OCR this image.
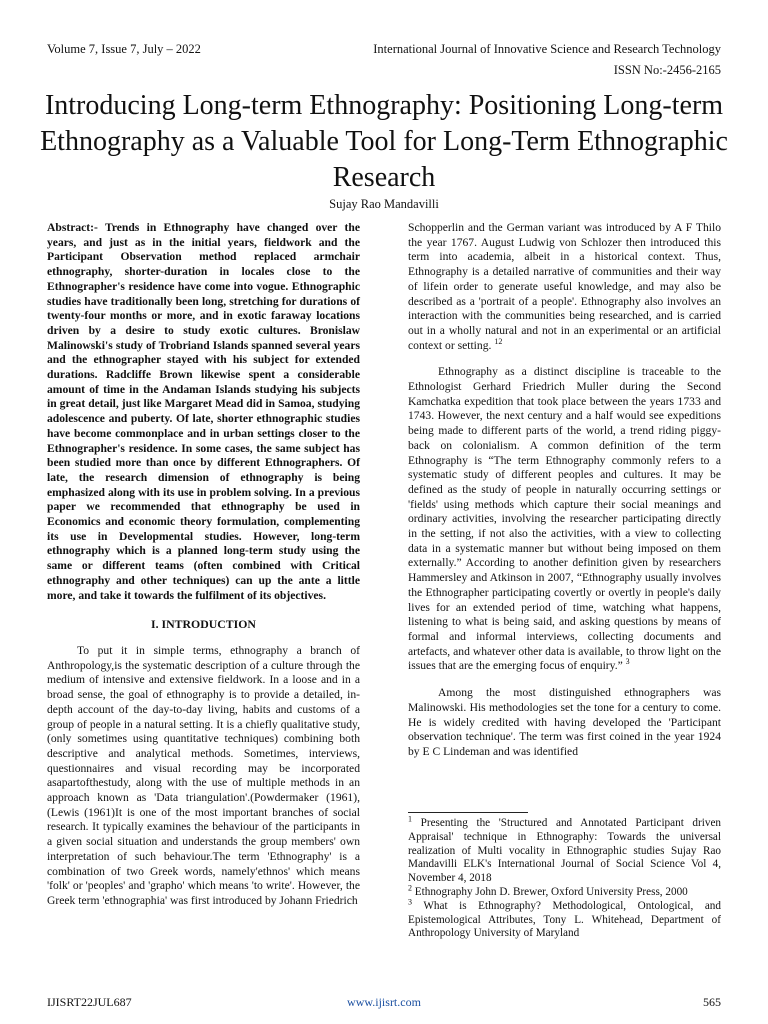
Volume 7, Issue 7, July – 2022	International Journal of Innovative Science and Research Technology
ISSN No:-2456-2165
Introducing Long-term Ethnography: Positioning Long-term Ethnography as a Valuable Tool for Long-Term Ethnographic Research
Sujay Rao Mandavilli

Abstract:- Trends in Ethnography have changed over the years, and just as in the initial years, fieldwork and the Participant Observation method replaced armchair ethnography, shorter-duration in locales close to the Ethnographer's residence have come into vogue. Ethnographic studies have traditionally been long, stretching for durations of twenty-four months or more, and in exotic faraway locations driven by a desire to study exotic cultures. Bronislaw Malinowski's study of Trobriand Islands spanned several years and the ethnographer stayed with his subject for extended durations. Radcliffe Brown likewise spent a considerable amount of time in the Andaman Islands studying his subjects in great detail, just like Margaret Mead did in Samoa, studying adolescence and puberty. Of late, shorter ethnographic studies have become commonplace and in urban settings closer to the Ethnographer's residence. In some cases, the same subject has been studied more than once by different Ethnographers. Of late, the research dimension of ethnography is being emphasized along with its use in problem solving. In a previous paper we recommended that ethnography be used in Economics and economic theory formulation, complementing its use in Developmental studies. However, long-term ethnography which is a planned long-term study using the same or different teams (often combined with Critical ethnography and other techniques) can up the ante a little more, and take it towards the fulfilment of its objectives.

I. INTRODUCTION

To put it in simple terms, ethnography a branch of Anthropology,is the systematic description of a culture through the medium of intensive and extensive fieldwork. In a loose and in a broad sense, the goal of ethnography is to provide a detailed, in-depth account of the day-to-day living, habits and customs of a group of people in a natural setting. It is a chiefly qualitative study, (only sometimes using quantitative techniques) combining both descriptive and analytical methods. Sometimes, interviews, questionnaires and visual recording may be incorporated asapartofthestudy, along with the use of multiple methods in an approach known as 'Data triangulation'.(Powdermaker (1961), (Lewis (1961)It is one of the most important branches of social research. It typically examines the behaviour of the participants in a given social situation and understands the group members' own interpretation of such behaviour.The term 'Ethnography' is a combination of two Greek words, namely'ethnos' which means 'folk' or 'peoples' and 'grapho' which means 'to write'. However, the Greek term 'ethnographia' was first introduced by Johann Friedrich

Schopperlin and the German variant was introduced by A F Thilo the year 1767. August Ludwig von Schlozer then introduced this term into academia, albeit in a historical context. Thus, Ethnography is a detailed narrative of communities and their way of lifein order to generate useful knowledge, and may also be described as a 'portrait of a people'. Ethnography also involves an interaction with the communities being researched, and is carried out in a wholly natural and not in an experimental or an artificial context or setting. $^{12}$

Ethnography as a distinct discipline is traceable to the Ethnologist Gerhard Friedrich Muller during the Second Kamchatka expedition that took place between the years 1733 and 1743. However, the next century and a half would see expeditions being made to different parts of the world, a trend riding piggy-back on colonialism. A common definition of the term Ethnography is “The term Ethnography commonly refers to a systematic study of different peoples and cultures. It may be defined as the study of people in naturally occurring settings or 'fields' using methods which capture their social meanings and ordinary activities, involving the researcher participating directly in the setting, if not also the activities, with a view to collecting data in a systematic manner but without being imposed on them externally.” According to another definition given by researchers Hammersley and Atkinson in 2007, “Ethnography usually involves the Ethnographer participating covertly or overtly in people's daily lives for an extended period of time, watching what happens, listening to what is being said, and asking questions by means of formal and informal interviews, collecting documents and artefacts, and whatever other data is available, to throw light on the issues that are the emerging focus of enquiry.” $^3$

Among the most distinguished ethnographers was Malinowski. His methodologies set the tone for a century to come. He is widely credited with having developed the 'Participant observation technique'. The term was first coined in the year 1924 by E C Lindeman and was identified

$^1$ Presenting the 'Structured and Annotated Participant driven Appraisal' technique in Ethnography: Towards the universal realization of Multi vocality in Ethnographic studies Sujay Rao Mandavilli ELK's International Journal of Social Science Vol 4, November 4, 2018

$^2$ Ethnography John D. Brewer, Oxford University Press, 2000

$^3$ What is Ethnography? Methodological, Ontological, and Epistemological Attributes, Tony L. Whitehead, Department of Anthropology University of Maryland

IJISRT22JUL687	www.ijisrt.com	565
